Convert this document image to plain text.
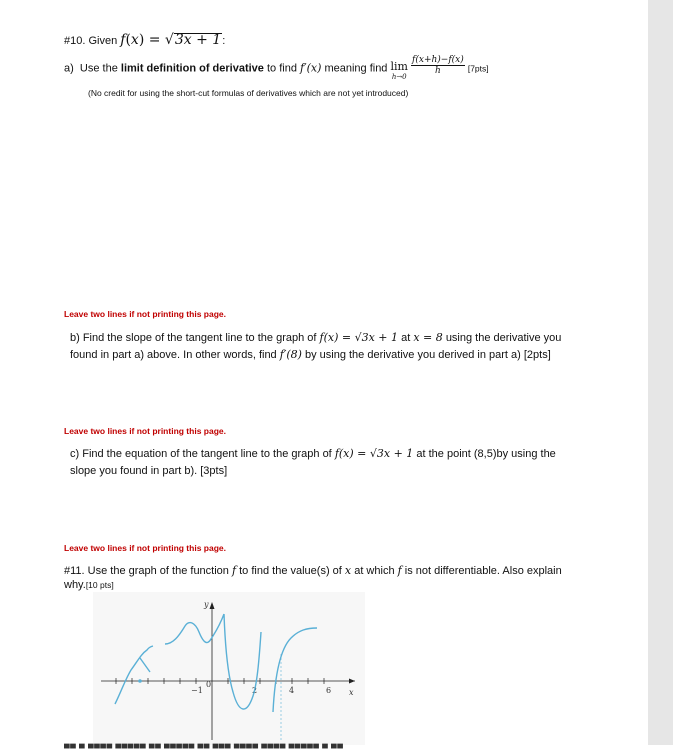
#10. Given f(x) = √3x + 1:
a) Use the limit definition of derivative to find f′(x) meaning find lim
h→0

$\frac{f(x+h)-f(x)}{h} [7pts]$
(No credit for using the short-cut formulas of derivatives which are not yet introduced)
Leave two lines if not printing this page.
b) Find the slope of the tangent line to the graph of f(x) = √3x + 1 at x = 8 using the derivative you
found in part a) above. In other words, find f′(8) by using the derivative you derived in part a) [2pts]
Leave two lines if not printing this page.
c) Find the equation of the tangent line to the graph of f(x) = √3x + 1 at the point (8,5)by using the
slope you found in part b). [3pts]
Leave two lines if not printing this page.
#11. Use the graph of the function f to find the value(s) of x at which f is not differentiable. Also explain
why.[10 pts]
y
x
−1
0
2	4	6
▄▄ ▄ ▄▄▄▄ ▄▄▄▄▄ ▄▄ ▄▄▄▄▄ ▄▄ ▄▄▄ ▄▄▄▄ ▄▄▄▄ ▄▄▄▄▄ ▄ ▄▄
